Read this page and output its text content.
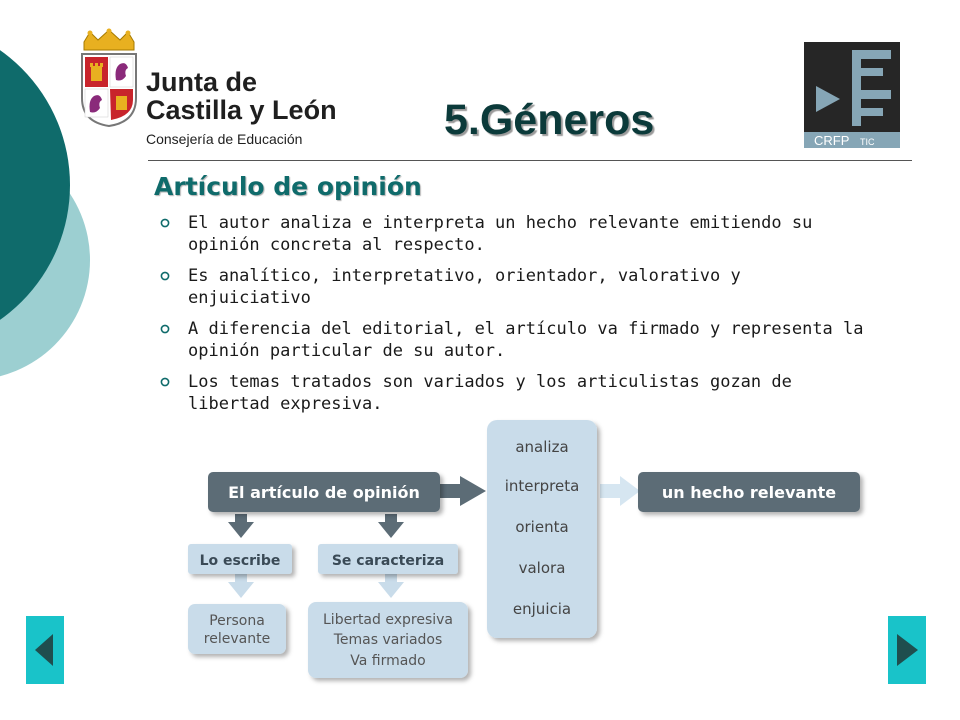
Junta de
Castilla y León
Consejería de Educación	CRFP TIC
5.Géneros
Artículo de opinión
El autor analiza e interpreta un hecho relevante emitiendo su opinión concreta al respecto.
Es analítico, interpretativo, orientador, valorativo y enjuiciativo
A diferencia del editorial, el artículo va firmado y representa la opinión particular de su autor.
Los temas tratados son variados y los articulistas gozan de libertad expresiva.
El artículo de opinión
analiza
interpreta
orienta
valora
enjuicia
un hecho relevante
Lo escribe	Se caracteriza
Persona
relevante
Libertad expresiva
Temas variados
Va firmado
